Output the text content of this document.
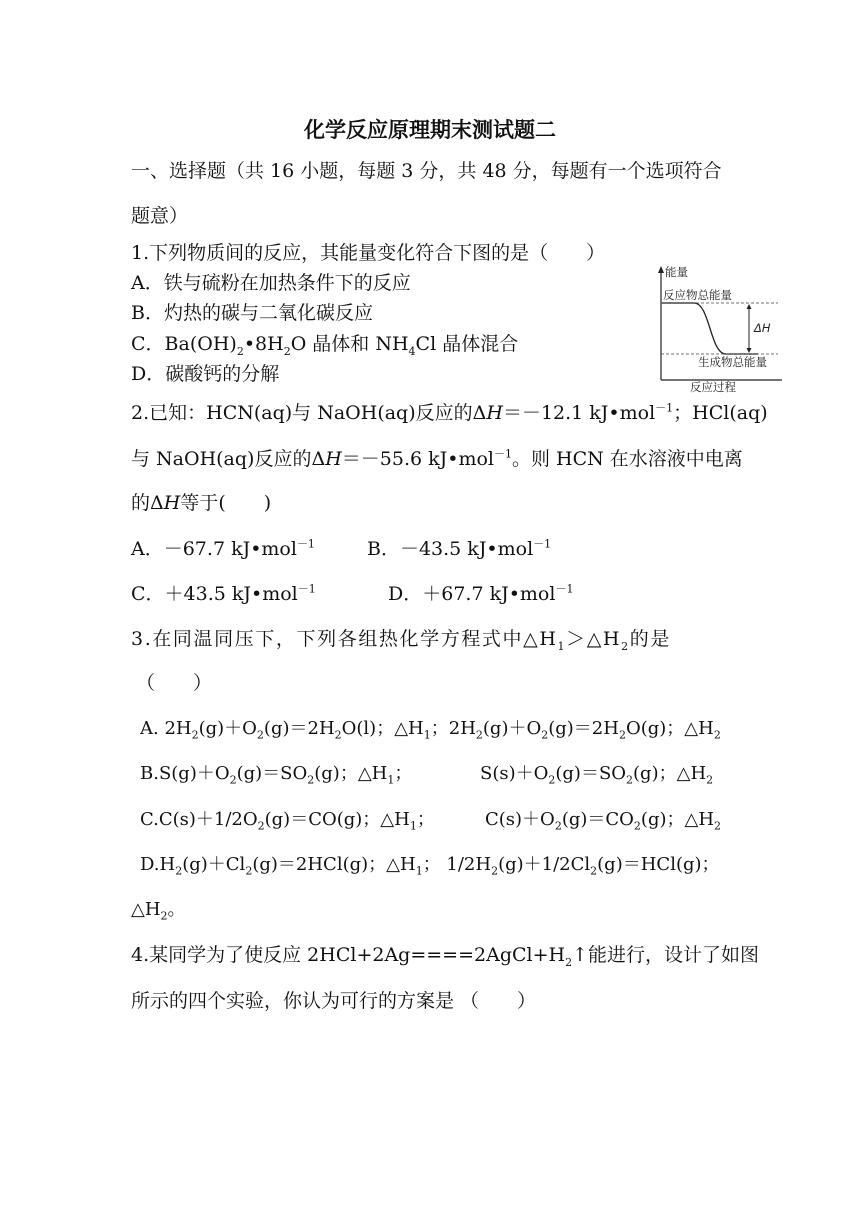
化学反应原理期末测试题二
一、选择题（共 16 小题，每题 3 分，共 48 分，每题有一个选项符合
题意）
1.下列物质间的反应，其能量变化符合下图的是（　　）
A．铁与硫粉在加热条件下的反应
B．灼热的碳与二氧化碳反应
C．$Ba(OH)_2•8H_2O$ 晶体和 $NH_4Cl$ 晶体混合
D．碳酸钙的分解
能量
反应物总能量
ΔH
生成物总能量
反应过程
2.已知：HCN(aq)与 NaOH(aq)反应的ΔH＝－12.1 kJ•mol$^{-1}$；HCl(aq)
与 NaOH(aq)反应的ΔH＝－55.6 kJ•mol$^{-1}$。则 HCN 在水溶液中电离
的ΔH等于(　　)
A．－67.7 kJ•mol$^{-1}$	B．－43.5 kJ•mol$^{-1}$
C．＋43.5 kJ•mol$^{-1}$	D．＋67.7 kJ•mol$^{-1}$
3.在同温同压下，下列各组热化学方程式中$\triangle H_1>\triangle H_2$的是
（　　）
A. $2H_2(g)+O_2(g)=2H_2O(l)$；$\triangle H_1$；$2H_2(g)+O_2(g)=2H_2O(g)$；$\triangle H_2$
$B.S(g)+O_2(g)=SO_2(g)$；$\triangle H_1$；	$S(s)+O_2(g)=SO_2(g)$；$\triangle H_2$
$C.C(s)+1/2O_2(g)=CO(g)$；$\triangle H_1$；	$C(s)+O_2(g)=CO_2(g)$；$\triangle H_2$
$D.H_2(g)+Cl_2(g)=2HCl(g)$；$\triangle H_1$； $1/2H_2(g)+1/2Cl_2(g)=HCl(g)$；
$\triangle H_2$。
4.某同学为了使反应 $2HCl+2Ag====2AgCl+H_2↑$能进行，设计了如图
所示的四个实验，你认为可行的方案是 （　　）
